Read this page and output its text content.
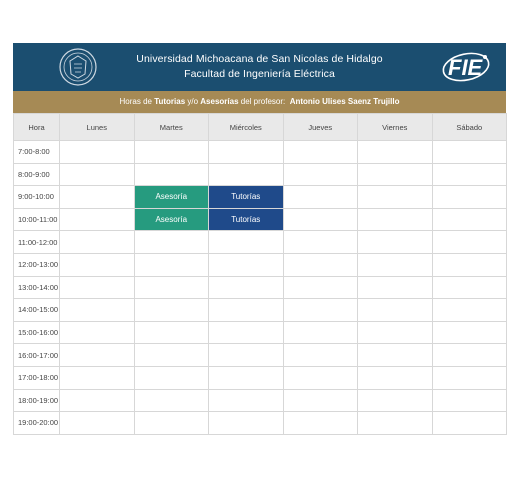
Universidad Michoacana de San Nicolas de Hidalgo
Facultad de Ingeniería Eléctrica	FIE
Horas de Tutorias y/o Asesorías del profesor: Antonio Ulises Saenz Trujillo
Hora	Lunes	Martes	Miércoles	Jueves	Viernes	Sábado
7:00-8:00						
8:00-9:00						
9:00-10:00		Asesoría	Tutorías			
10:00-11:00		Asesoría	Tutorías			
11:00-12:00						
12:00-13:00						
13:00-14:00						
14:00-15:00						
15:00-16:00						
16:00-17:00						
17:00-18:00						
18:00-19:00						
19:00-20:00						
